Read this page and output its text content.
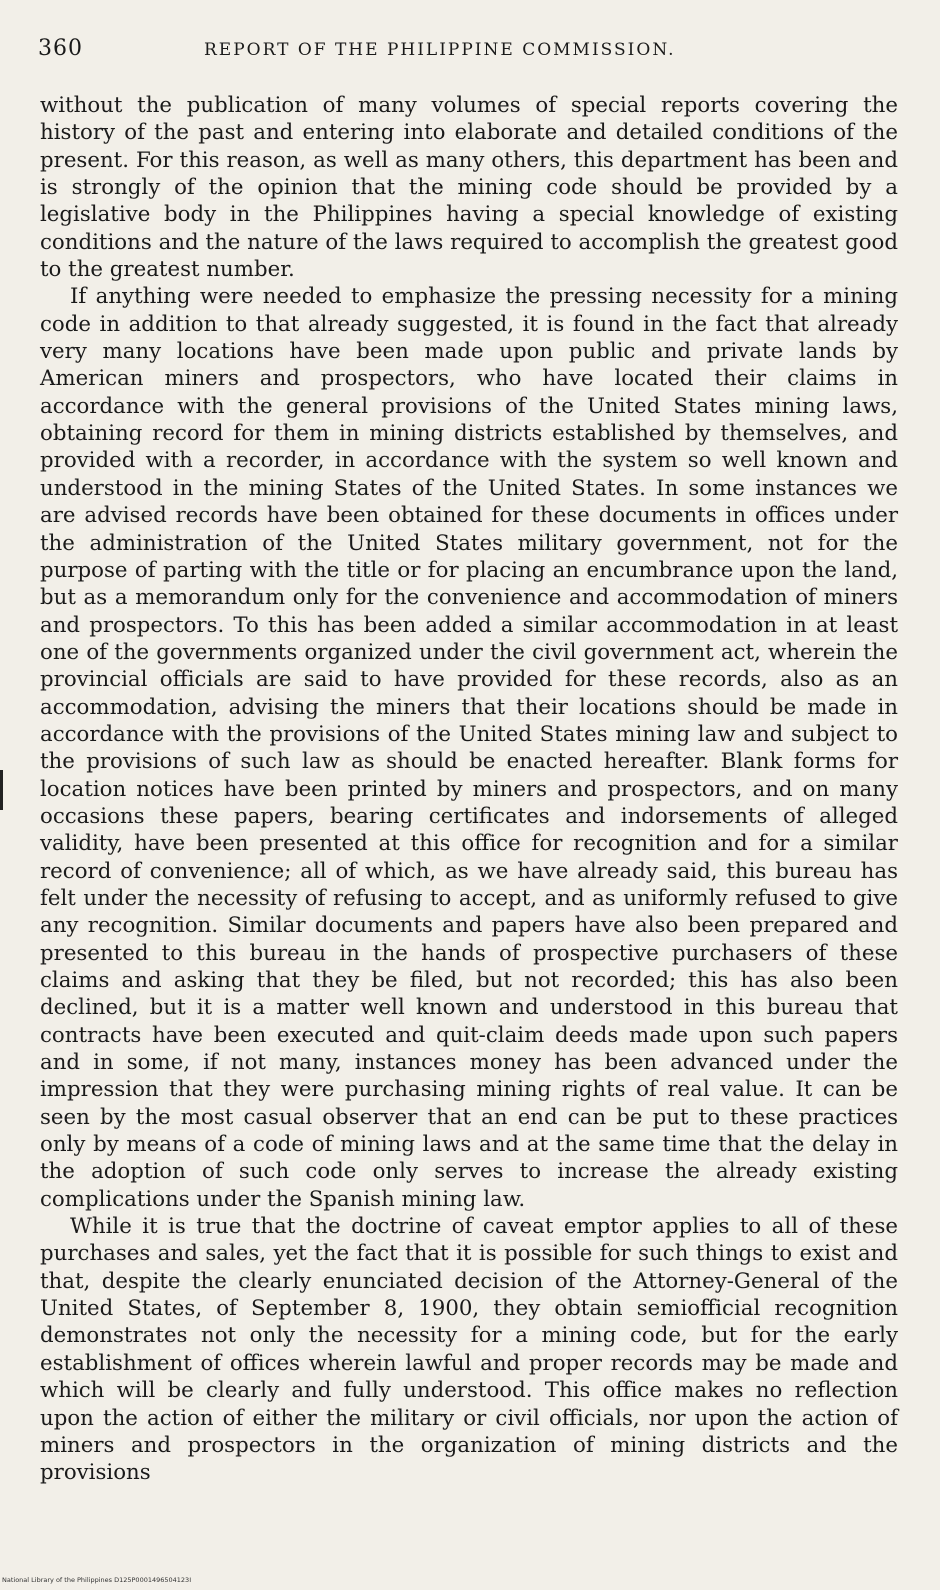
360	REPORT OF THE PHILIPPINE COMMISSION.

without the publication of many volumes of special reports covering the history of the past and entering into elaborate and detailed conditions of the present. For this reason, as well as many others, this department has been and is strongly of the opinion that the mining code should be provided by a legislative body in the Philippines having a special knowledge of existing conditions and the nature of the laws required to accomplish the greatest good to the greatest number.

If anything were needed to emphasize the pressing necessity for a mining code in addition to that already suggested, it is found in the fact that already very many locations have been made upon public and private lands by American miners and prospectors, who have located their claims in accordance with the general provisions of the United States mining laws, obtaining record for them in mining districts established by themselves, and provided with a recorder, in accordance with the system so well known and understood in the mining States of the United States. In some instances we are advised records have been obtained for these documents in offices under the administration of the United States military government, not for the purpose of parting with the title or for placing an encumbrance upon the land, but as a memorandum only for the convenience and accommodation of miners and prospectors. To this has been added a similar accommodation in at least one of the governments organized under the civil government act, wherein the provincial officials are said to have provided for these records, also as an accommodation, advising the miners that their locations should be made in accordance with the provisions of the United States mining law and subject to the provisions of such law as should be enacted hereafter. Blank forms for location notices have been printed by miners and prospectors, and on many occasions these papers, bearing certificates and indorsements of alleged validity, have been presented at this office for recognition and for a similar record of convenience; all of which, as we have already said, this bureau has felt under the necessity of refusing to accept, and as uniformly refused to give any recognition. Similar documents and papers have also been prepared and presented to this bureau in the hands of prospective purchasers of these claims and asking that they be filed, but not recorded; this has also been declined, but it is a matter well known and understood in this bureau that contracts have been executed and quit-claim deeds made upon such papers and in some, if not many, instances money has been advanced under the impression that they were purchasing mining rights of real value. It can be seen by the most casual observer that an end can be put to these practices only by means of a code of mining laws and at the same time that the delay in the adoption of such code only serves to increase the already existing complications under the Spanish mining law.

While it is true that the doctrine of caveat emptor applies to all of these purchases and sales, yet the fact that it is possible for such things to exist and that, despite the clearly enunciated decision of the Attorney-General of the United States, of September 8, 1900, they obtain semiofficial recognition demonstrates not only the necessity for a mining code, but for the early establishment of offices wherein lawful and proper records may be made and which will be clearly and fully understood. This office makes no reflection upon the action of either the military or civil officials, nor upon the action of miners and prospectors in the organization of mining districts and the provisions

National Library of the Philippines D125P0001496504123I
